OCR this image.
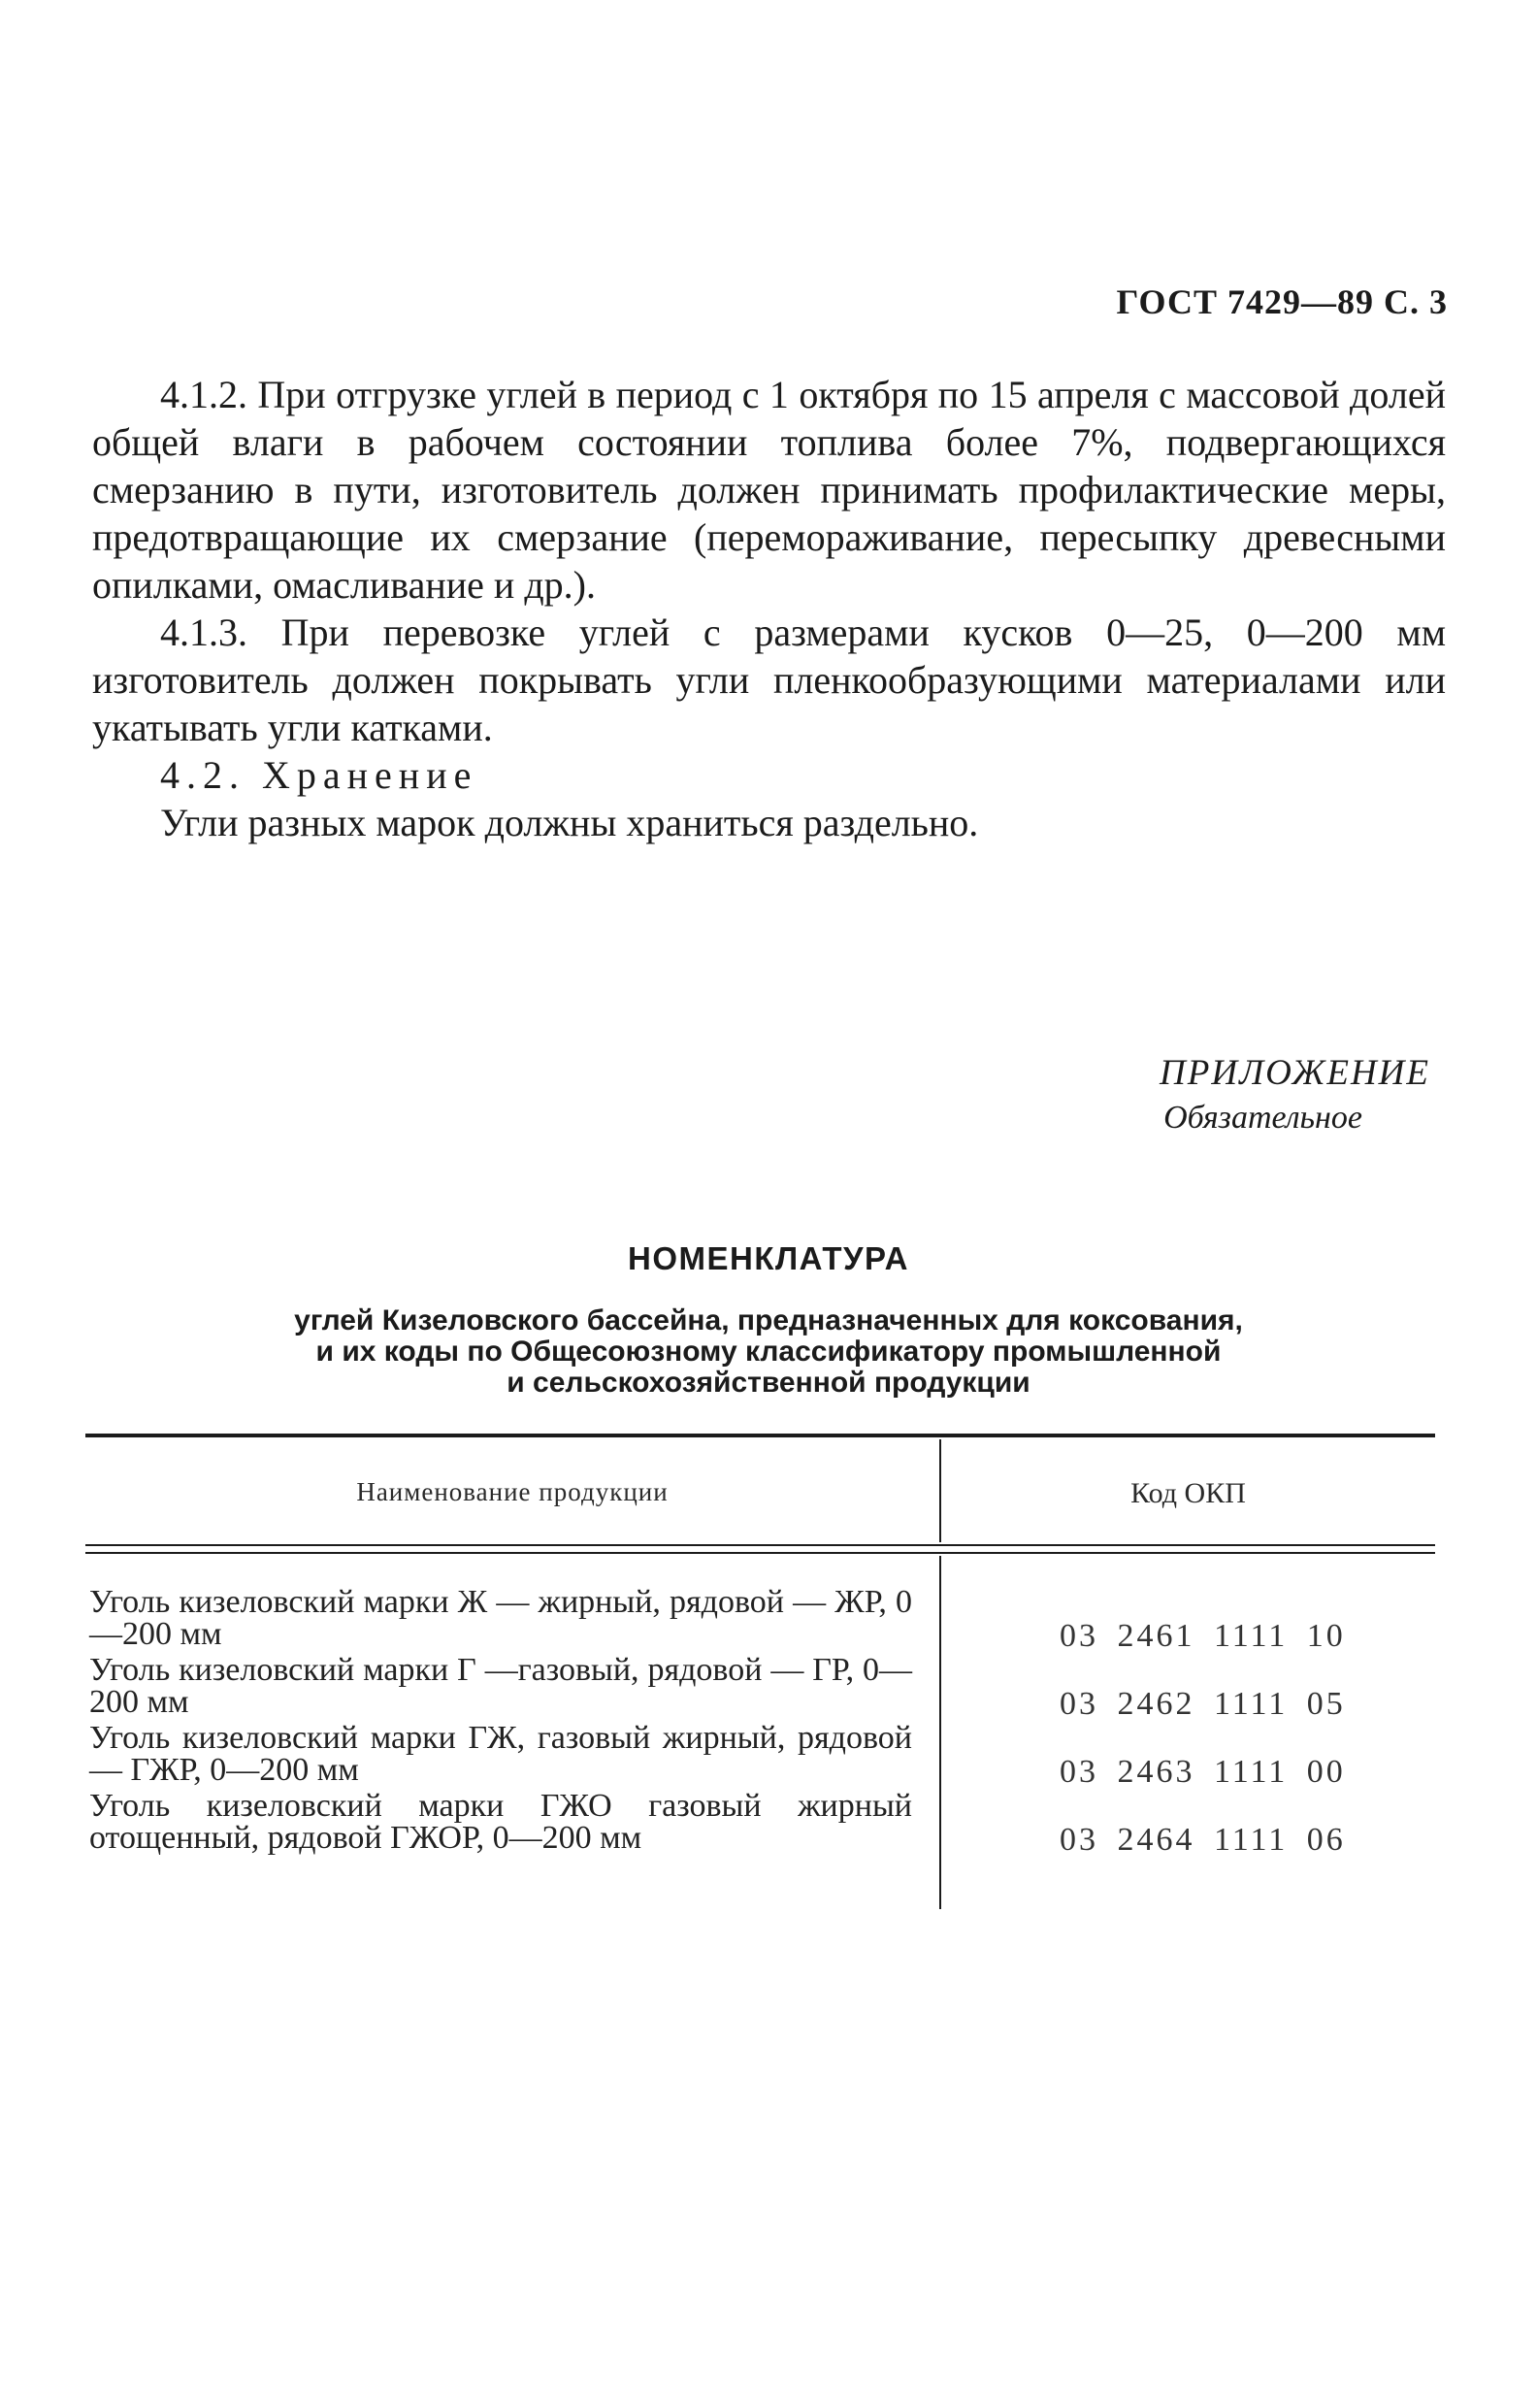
ГОСТ 7429—89 С. 3

4.1.2. При отгрузке углей в период с 1 октября по 15 апреля с массовой долей общей влаги в рабочем состоянии топлива более 7%, подвергающихся смерзанию в пути, изготовитель должен принимать профилактические меры, предотвращающие их смерзание (перемораживание, пересыпку древесными опилками, омасливание и др.).

4.1.3. При перевозке углей с размерами кусков 0—25, 0—200 мм изготовитель должен покрывать угли пленкообразующими материалами или укатывать угли катками.

4.2. Хранение

Угли разных марок должны храниться раздельно.

ПРИЛОЖЕНИЕ
Обязательное
НОМЕНКЛАТУРА
углей Кизеловского бассейна, предназначенных для коксования,
и их коды по Общесоюзному классификатору промышленной
и сельскохозяйственной продукции
Наименование продукции	Код ОКП
Уголь кизеловский марки Ж — жирный, рядовой — ЖР, 0—200 мм	03 2461 1111 10
Уголь кизеловский марки Г —газовый, рядовой — ГР, 0—200 мм	03 2462 1111 05
Уголь кизеловский марки ГЖ, газовый жирный, рядовой — ГЖР, 0—200 мм	03 2463 1111 00
Уголь кизеловский марки ГЖО газовый жирный отощенный, рядовой ГЖОР, 0—200 мм	03 2464 1111 06
